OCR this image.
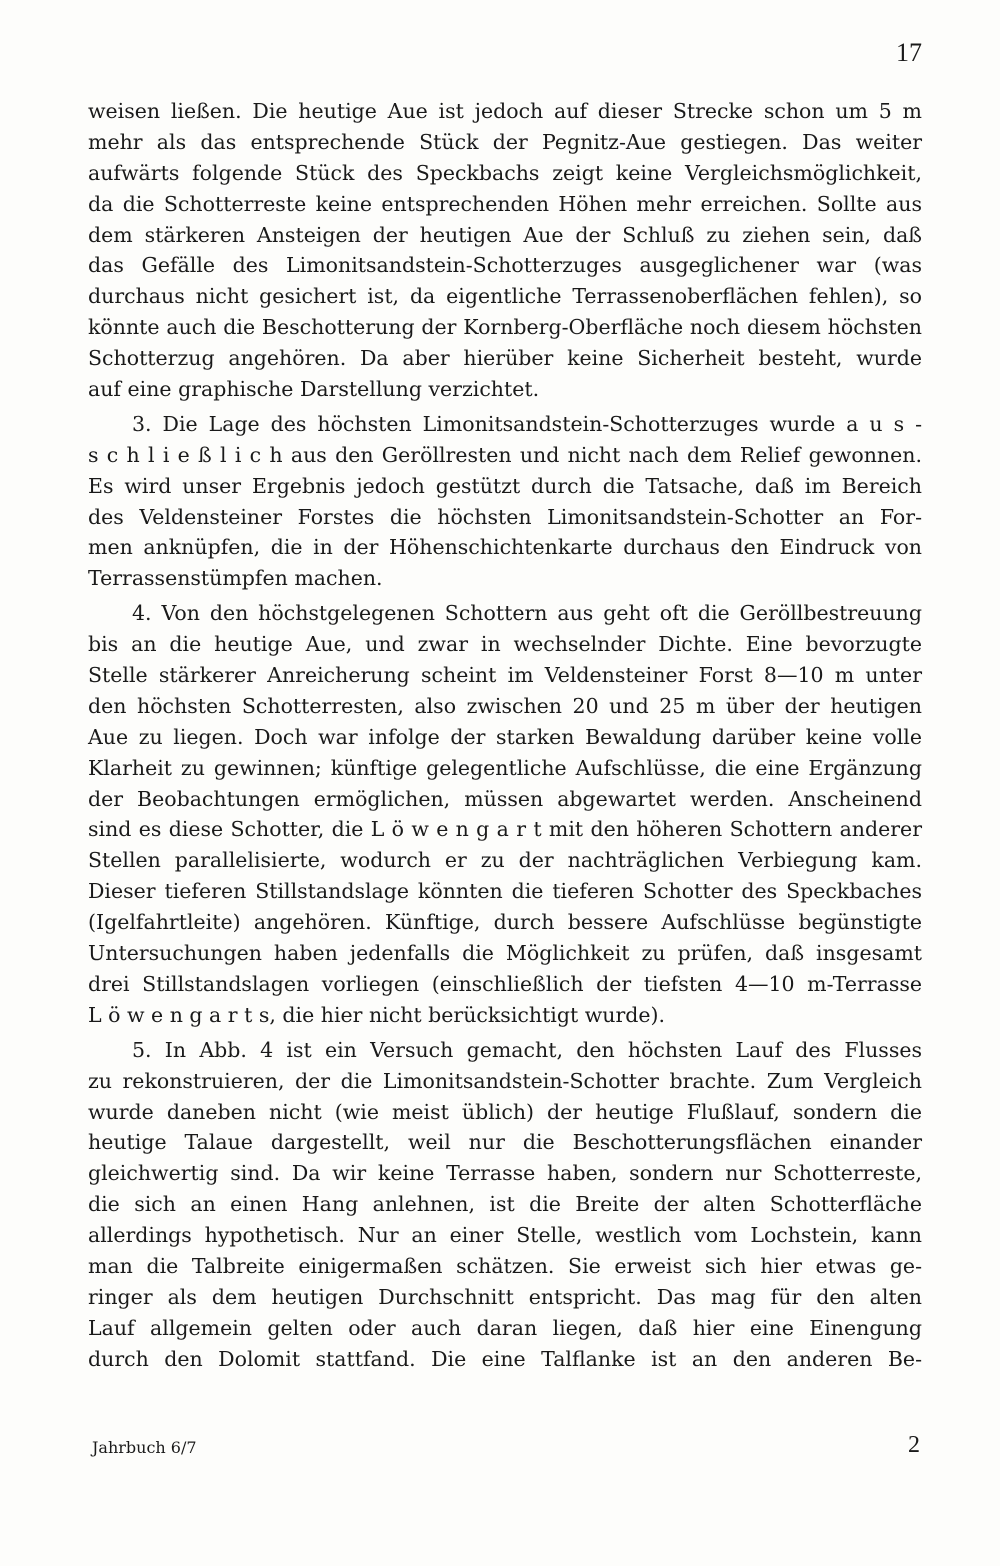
17
weisen ließen. Die heutige Aue ist jedoch auf dieser Strecke schon um 5 m
mehr als das entsprechende Stück der Pegnitz-Aue gestiegen. Das weiter
aufwärts folgende Stück des Speckbachs zeigt keine Vergleichsmöglichkeit,
da die Schotterreste keine entsprechenden Höhen mehr erreichen. Sollte aus
dem stärkeren Ansteigen der heutigen Aue der Schluß zu ziehen sein, daß
das Gefälle des Limonitsandstein-Schotterzuges ausgeglichener war (was
durchaus nicht gesichert ist, da eigentliche Terrassenoberflächen fehlen), so
könnte auch die Beschotterung der Kornberg-Oberfläche noch diesem höchsten
Schotterzug angehören. Da aber hierüber keine Sicherheit besteht, wurde
auf eine graphische Darstellung verzichtet.
3. Die Lage des höchsten Limonitsandstein-Schotterzuges wurde a u s -
s c h l i e ß l i c h aus den Geröllresten und nicht nach dem Relief gewonnen.
Es wird unser Ergebnis jedoch gestützt durch die Tatsache, daß im Bereich
des Veldensteiner Forstes die höchsten Limonitsandstein-Schotter an For-
men anknüpfen, die in der Höhenschichtenkarte durchaus den Eindruck von
Terrassenstümpfen machen.
4. Von den höchstgelegenen Schottern aus geht oft die Geröllbestreuung
bis an die heutige Aue, und zwar in wechselnder Dichte. Eine bevorzugte
Stelle stärkerer Anreicherung scheint im Veldensteiner Forst 8—10 m unter
den höchsten Schotterresten, also zwischen 20 und 25 m über der heutigen
Aue zu liegen. Doch war infolge der starken Bewaldung darüber keine volle
Klarheit zu gewinnen; künftige gelegentliche Aufschlüsse, die eine Ergänzung
der Beobachtungen ermöglichen, müssen abgewartet werden. Anscheinend
sind es diese Schotter, die L ö w e n g a r t mit den höheren Schottern anderer
Stellen parallelisierte, wodurch er zu der nachträglichen Verbiegung kam.
Dieser tieferen Stillstandslage könnten die tieferen Schotter des Speckbaches
(Igelfahrtleite) angehören. Künftige, durch bessere Aufschlüsse begünstigte
Untersuchungen haben jedenfalls die Möglichkeit zu prüfen, daß insgesamt
drei Stillstandslagen vorliegen (einschließlich der tiefsten 4—10 m-Terrasse
L ö w e n g a r t s, die hier nicht berücksichtigt wurde).
5. In Abb. 4 ist ein Versuch gemacht, den höchsten Lauf des Flusses
zu rekonstruieren, der die Limonitsandstein-Schotter brachte. Zum Vergleich
wurde daneben nicht (wie meist üblich) der heutige Flußlauf, sondern die
heutige Talaue dargestellt, weil nur die Beschotterungsflächen einander
gleichwertig sind. Da wir keine Terrasse haben, sondern nur Schotterreste,
die sich an einen Hang anlehnen, ist die Breite der alten Schotterfläche
allerdings hypothetisch. Nur an einer Stelle, westlich vom Lochstein, kann
man die Talbreite einigermaßen schätzen. Sie erweist sich hier etwas ge-
ringer als dem heutigen Durchschnitt entspricht. Das mag für den alten
Lauf allgemein gelten oder auch daran liegen, daß hier eine Einengung
durch den Dolomit stattfand. Die eine Talflanke ist an den anderen Be-
Jahrbuch 6/7	2
